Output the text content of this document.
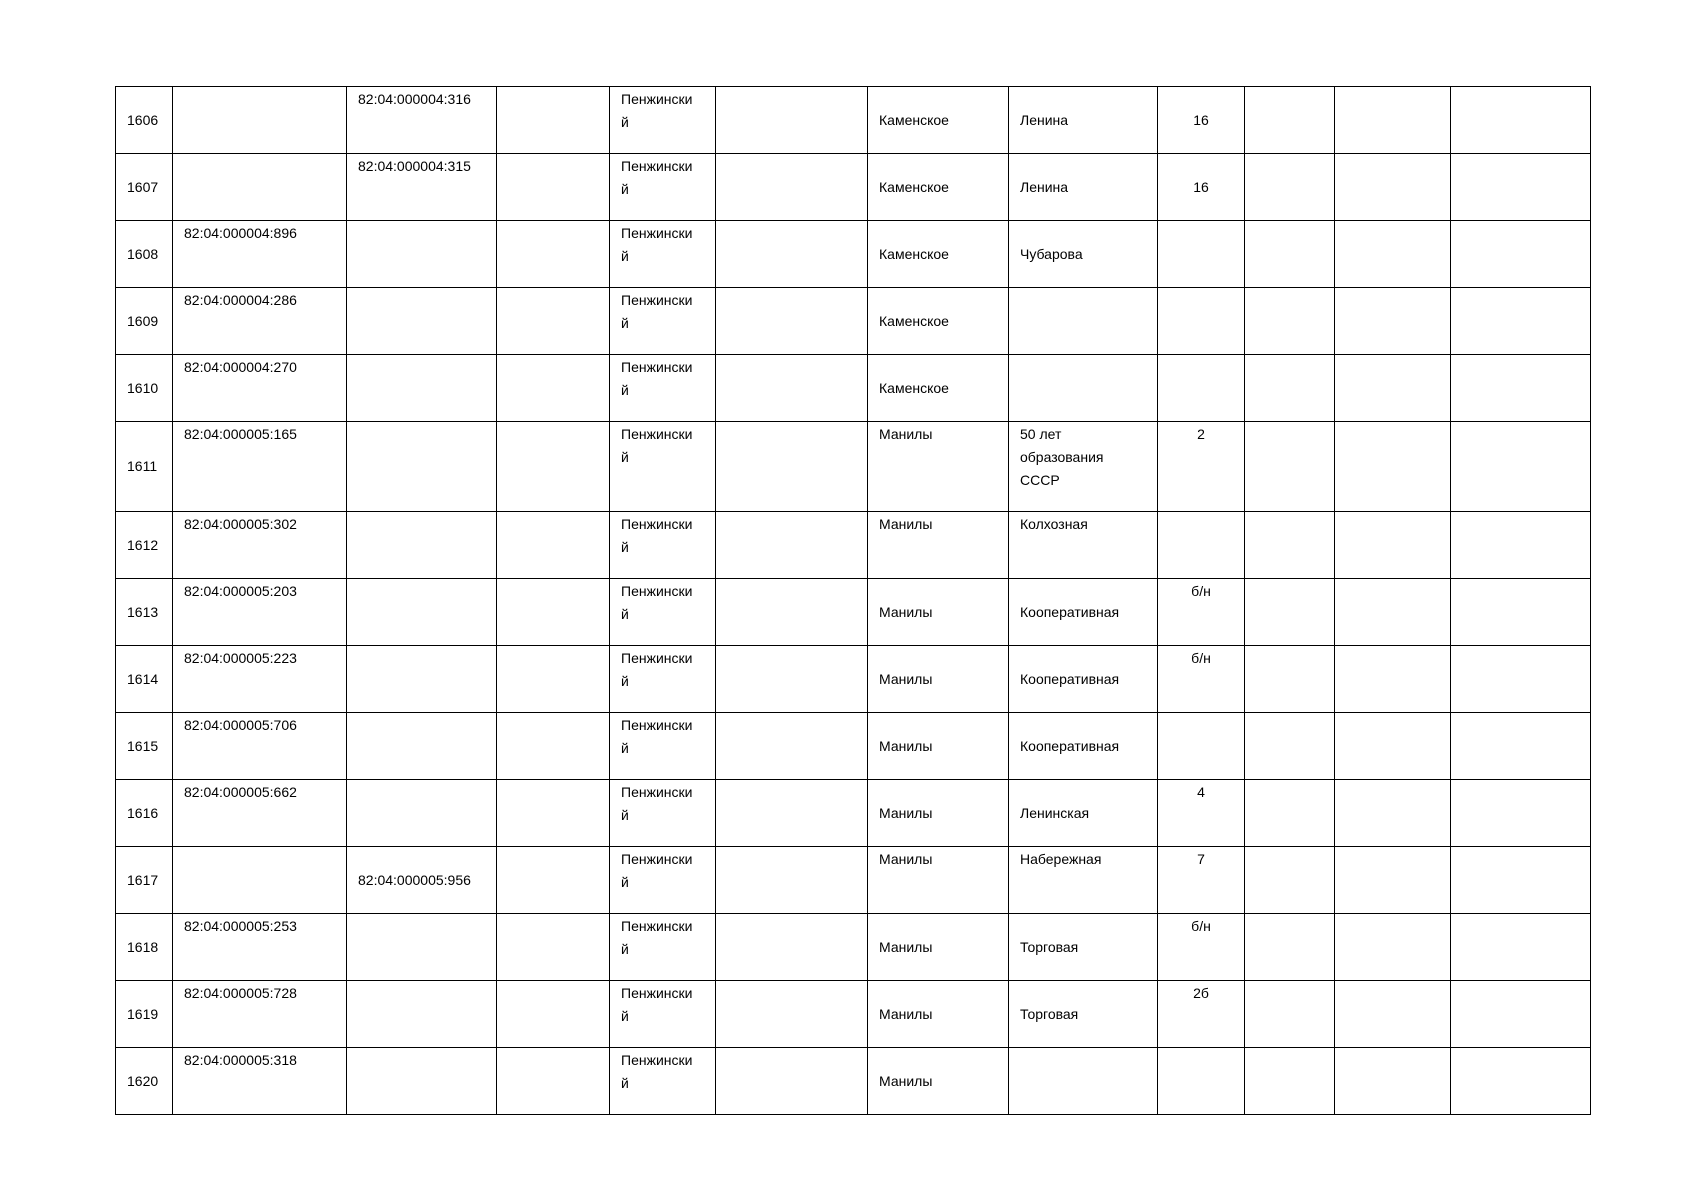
1606		82:04:000004:316		Пенжински
й		Каменское	Ленина	16			

1607		82:04:000004:315		Пенжински
й		Каменское	Ленина	16			

1608	82:04:000004:896			Пенжински
й		Каменское	Чубарова				

1609	82:04:000004:286			Пенжински
й		Каменское					

1610	82:04:000004:270			Пенжински
й		Каменское					

1611	82:04:000005:165			Пенжински
й		Манилы	50 лет
образования
СССР	2			

1612	82:04:000005:302			Пенжински
й		Манилы	Колхозная				

1613	82:04:000005:203			Пенжински
й		Манилы	Кооперативная	б/н			

1614	82:04:000005:223			Пенжински
й		Манилы	Кооперативная	б/н			

1615	82:04:000005:706			Пенжински
й		Манилы	Кооперативная				

1616	82:04:000005:662			Пенжински
й		Манилы	Ленинская	4			

1617		82:04:000005:956		Пенжински
й		Манилы	Набережная	7			

1618	82:04:000005:253			Пенжински
й		Манилы	Торговая	б/н			

1619	82:04:000005:728			Пенжински
й		Манилы	Торговая	2б			

1620	82:04:000005:318			Пенжински
й		Манилы					
